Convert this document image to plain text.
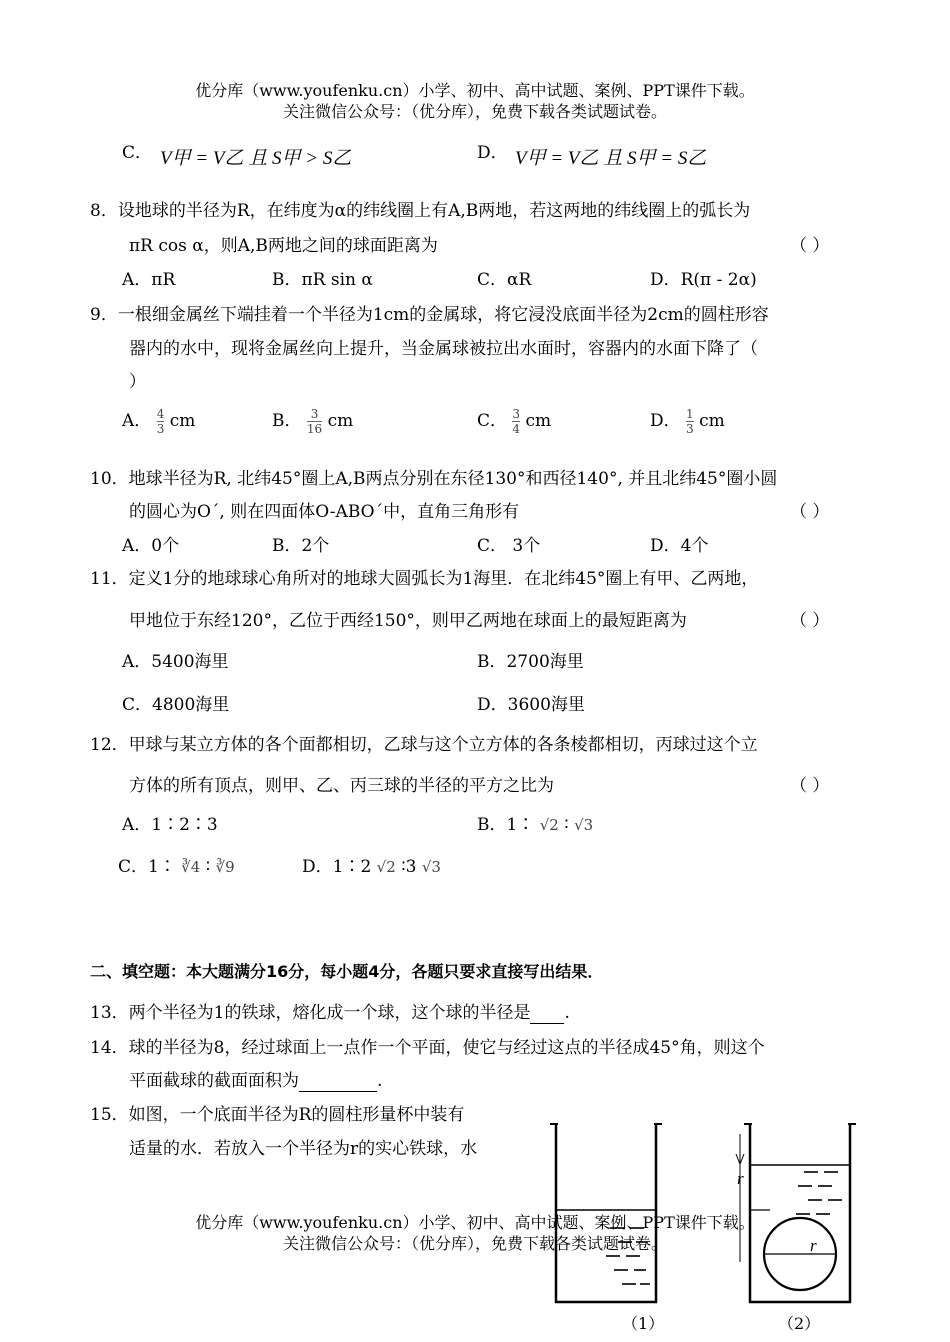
优分库（www.youfenku.cn）小学、初中、高中试题、案例、PPT课件下载。
关注微信公众号：（优分库），免费下载各类试题试卷。
C． V甲 = V乙 且 S甲 > S乙	D． V甲 = V乙 且 S甲 = S乙
8．设地球的半径为R，在纬度为α的纬线圈上有A,B两地，若这两地的纬线圈上的弧长为
πR cos α，则A,B两地之间的球面距离为	（ ）
A．πR	B．πR sin α	C．αR	D．R(π - 2α)
9．一根细金属丝下端挂着一个半径为1cm的金属球，将它浸没底面半径为2cm的圆柱形容
器内的水中，现将金属丝向上提升，当金属球被拉出水面时，容器内的水面下降了（
）
A． $\frac{4}{3}$ cm	B． $\frac{3}{16}$ cm	C． $\frac{3}{4}$ cm	D． $\frac{1}{3}$ cm
10．地球半径为R, 北纬45°圈上A,B两点分别在东径130°和西径140°, 并且北纬45°圈小圆
的圆心为O´, 则在四面体O-ABO´中，直角三角形有	（ ）
A．0个	B．2个	C． 3个	D．4个
11．定义1分的地球球心角所对的地球大圆弧长为1海里．在北纬45°圈上有甲、乙两地，
甲地位于东经120°，乙位于西经150°，则甲乙两地在球面上的最短距离为	（ ）
A．5400海里	B．2700海里
C．4800海里	D．3600海里
12．甲球与某立方体的各个面都相切，乙球与这个立方体的各条棱都相切，丙球过这个立
方体的所有顶点，则甲、乙、丙三球的半径的平方之比为	（ ）
A．1∶2∶3	B．1∶ √2 ∶ √3
C．1∶ ∛4 ∶ ∛9	D．1∶2 √2 ∶3 √3
二、填空题：本大题满分16分，每小题4分，各题只要求直接写出结果．
13．两个半径为1的铁球，熔化成一个球，这个球的半径是 .
14．球的半径为8，经过球面上一点作一个平面，使它与经过这点的半径成45°角，则这个
平面截球的截面面积为	.
15．如图，一个底面半径为R的圆柱形量杯中装有
适量的水．若放入一个半径为r的实心铁球，水
r
r
（1）	（2）
优分库（www.youfenku.cn）小学、初中、高中试题、案例、PPT课件下载。
关注微信公众号：（优分库），免费下载各类试题试卷。
